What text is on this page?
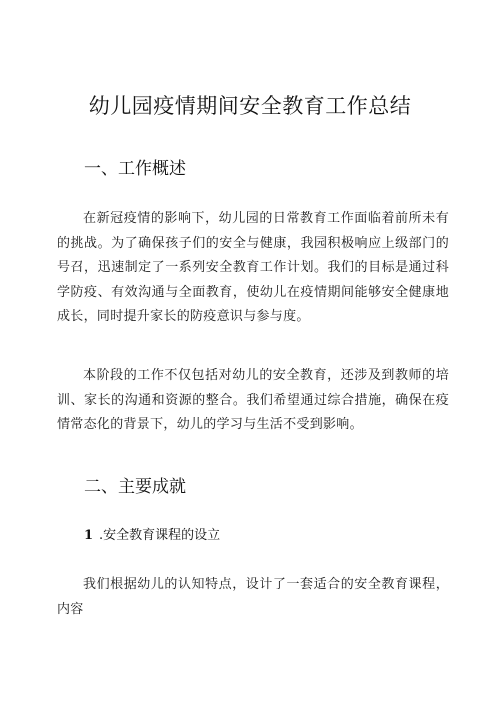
幼儿园疫情期间安全教育工作总结
一、工作概述

在新冠疫情的影响下，幼儿园的日常教育工作面临着前所未有的挑战。为了确保孩子们的安全与健康，我园积极响应上级部门的号召，迅速制定了一系列安全教育工作计划。我们的目标是通过科学防疫、有效沟通与全面教育，使幼儿在疫情期间能够安全健康地成长，同时提升家长的防疫意识与参与度。

本阶段的工作不仅包括对幼儿的安全教育，还涉及到教师的培训、家长的沟通和资源的整合。我们希望通过综合措施，确保在疫情常态化的背景下，幼儿的学习与生活不受到影响。

二、主要成就
1 .安全教育课程的设立

我们根据幼儿的认知特点，设计了一套适合的安全教育课程，内容
